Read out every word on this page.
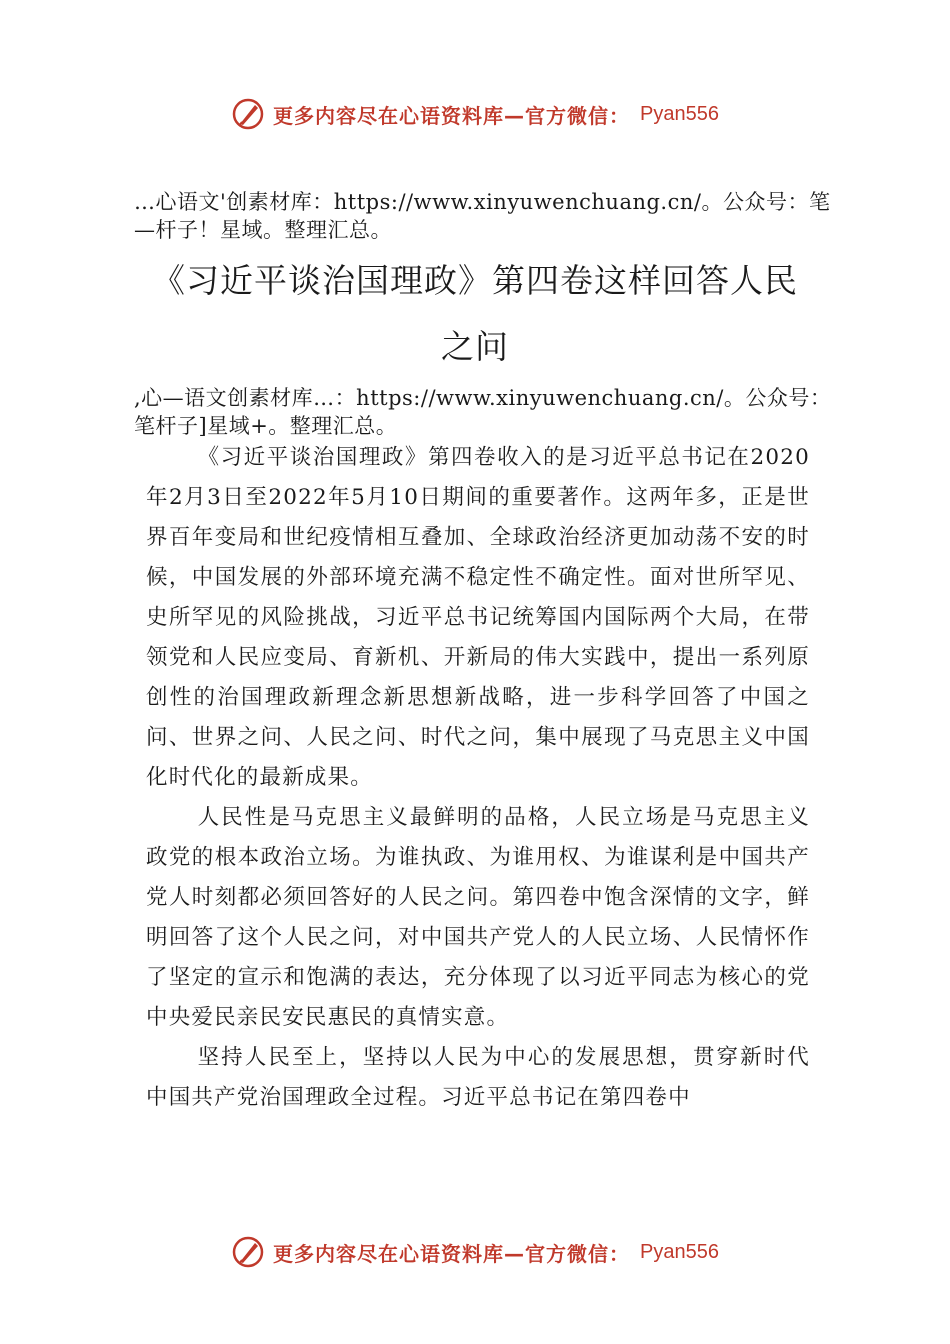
更多内容尽在心语资料库—官方微信： Pyan556
…心语文'创素材库：https://www.xinyuwenchuang.cn/。公众号：笔—杆子！星域。整理汇总。
《习近平谈治国理政》第四卷这样回答人民之问
,心—语文创素材库…：https://www.xinyuwenchuang.cn/。公众号：笔杆子]星域+。整理汇总。

《习近平谈治国理政》第四卷收入的是习近平总书记在2020年2月3日至2022年5月10日期间的重要著作。这两年多，正是世界百年变局和世纪疫情相互叠加、全球政治经济更加动荡不安的时候，中国发展的外部环境充满不稳定性不确定性。面对世所罕见、史所罕见的风险挑战，习近平总书记统筹国内国际两个大局，在带领党和人民应变局、育新机、开新局的伟大实践中，提出一系列原创性的治国理政新理念新思想新战略，进一步科学回答了中国之问、世界之问、人民之问、时代之问，集中展现了马克思主义中国化时代化的最新成果。

人民性是马克思主义最鲜明的品格，人民立场是马克思主义政党的根本政治立场。为谁执政、为谁用权、为谁谋利是中国共产党人时刻都必须回答好的人民之问。第四卷中饱含深情的文字，鲜明回答了这个人民之问，对中国共产党人的人民立场、人民情怀作了坚定的宣示和饱满的表达，充分体现了以习近平同志为核心的党中央爱民亲民安民惠民的真情实意。

坚持人民至上，坚持以人民为中心的发展思想，贯穿新时代中国共产党治国理政全过程。习近平总书记在第四卷中

更多内容尽在心语资料库—官方微信： Pyan556
